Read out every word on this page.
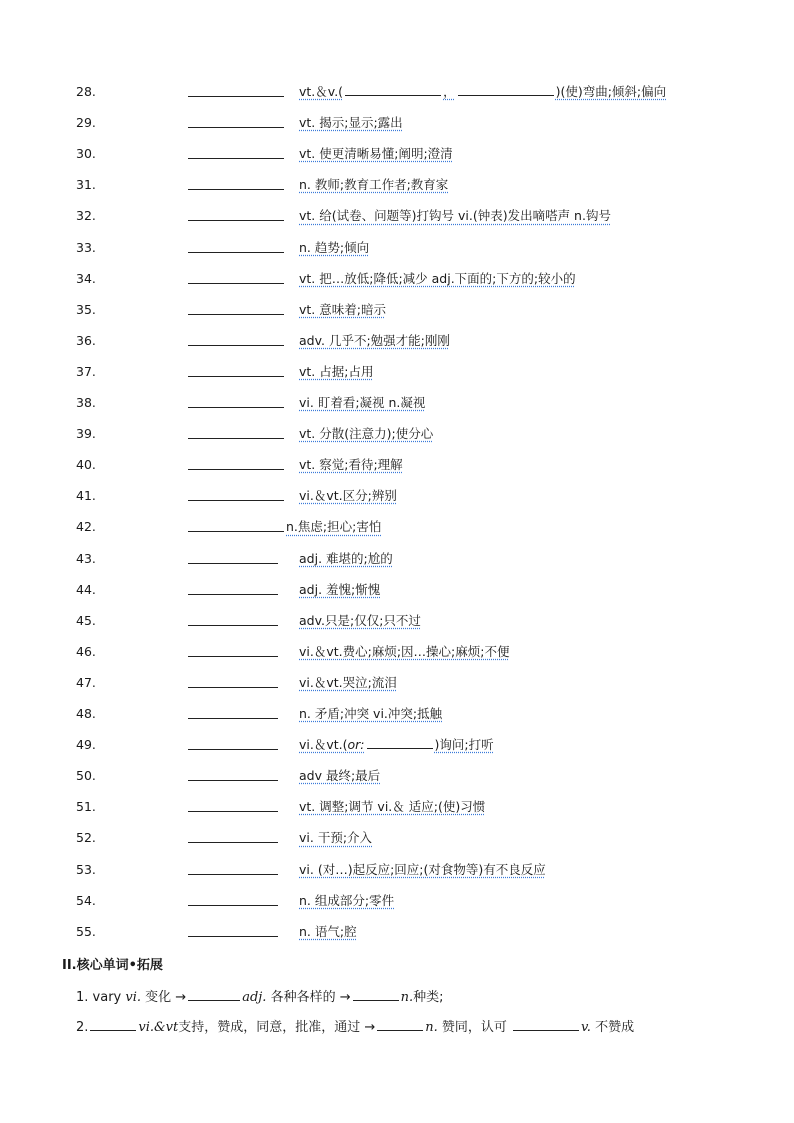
28.	vt.＆v.(	，	)(使)弯曲;倾斜;偏向
29.	vt. 揭示;显示;露出
30.	vt. 使更清晰易懂;阐明;澄清
31.	n. 教师;教育工作者;教育家
32.	vt. 给(试卷、问题等)打钩号 vi.(钟表)发出嘀嗒声 n.钩号
33.	n. 趋势;倾向
34.	vt. 把…放低;降低;减少 adj.下面的;下方的;较小的
35.	vt. 意味着;暗示
36.	adv. 几乎不;勉强才能;刚刚
37.	vt. 占据;占用
38.	vi. 盯着看;凝视 n.凝视
39.	vt. 分散(注意力);使分心
40.	vt. 察觉;看待;理解
41.	vi.＆vt.区分;辨别
42.	n.焦虑;担心;害怕
43.	adj. 难堪的;尬的
44.	adj. 羞愧;惭愧
45.	adv.只是;仅仅;只不过
46.	vi.＆vt.费心;麻烦;因…操心;麻烦;不便
47.	vi.＆vt.哭泣;流泪
48.	n. 矛盾;冲突 vi.冲突;抵触
49.	vi.＆vt.(or:	)询问;打听
50.	adv 最终;最后
51.	vt. 调整;调节 vi.＆ 适应;(使)习惯
52.	vi. 干预;介入
53.	vi. (对…)起反应;回应;(对食物等)有不良反应
54.	n. 组成部分;零件
55.	n. 语气;腔
II.核心单词•拓展
1. vary vi. 变化 →	adj. 各种各样的 →	n.种类;
2.	vi.&vt支持，赞成，同意，批准，通过 →	n. 赞同，认可	v. 不赞成
